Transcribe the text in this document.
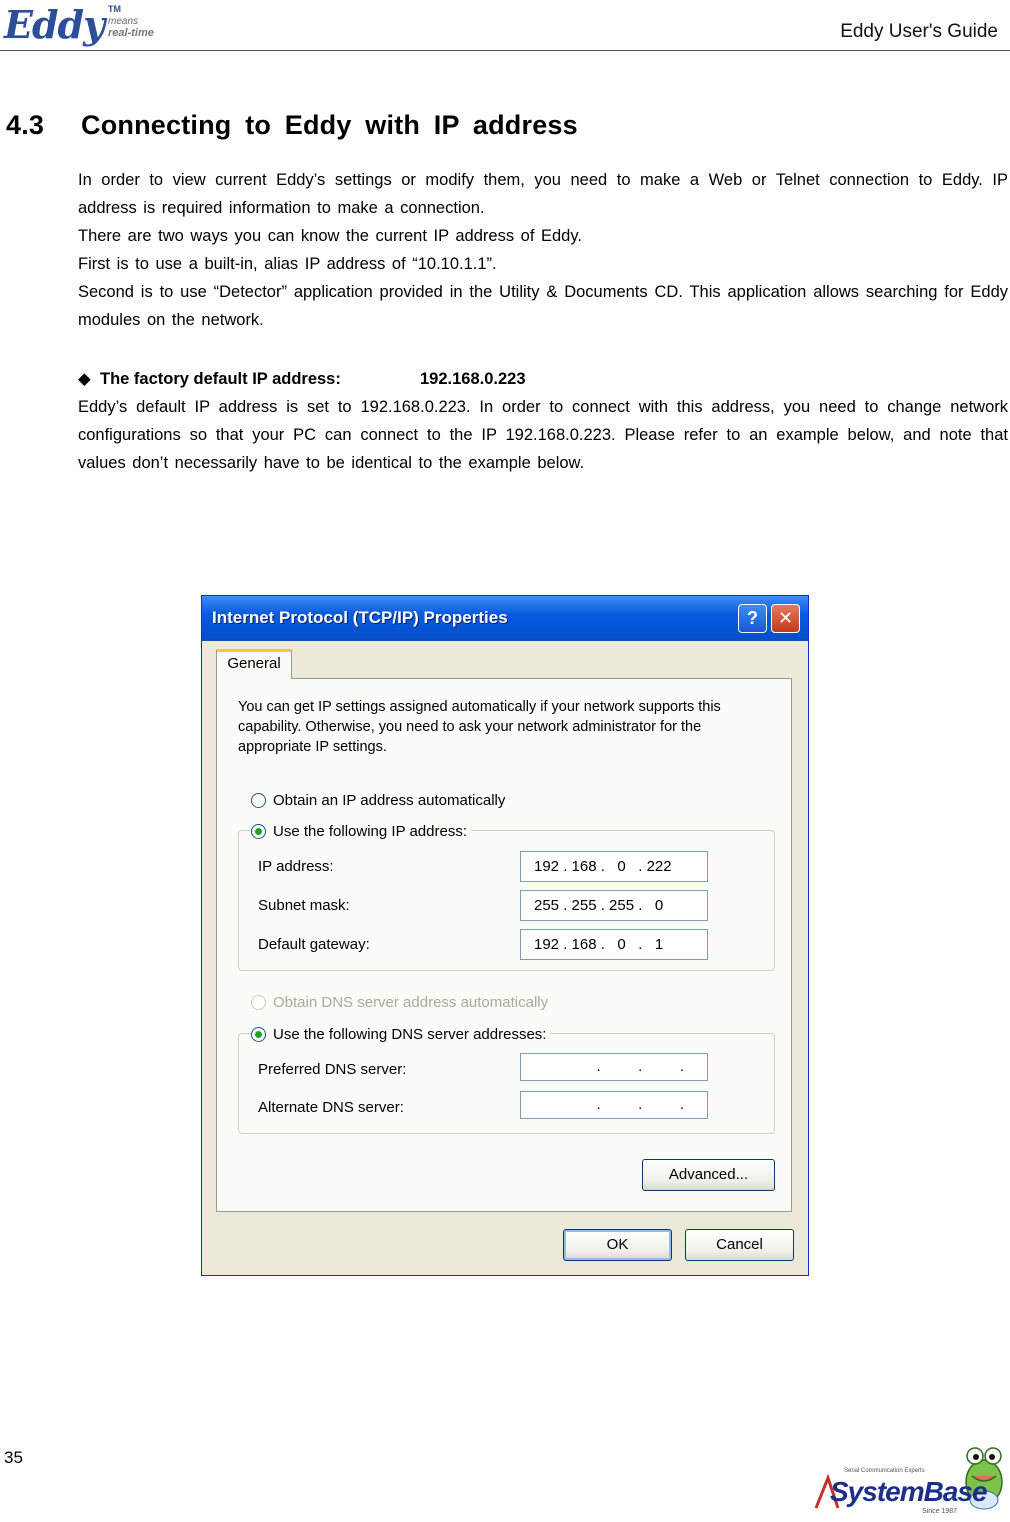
Eddy TM
means
real-time	Eddy User's Guide
4.3 Connecting to Eddy with IP address

In order to view current Eddy’s settings or modify them, you need to make a Web or Telnet connection to Eddy. IP address is required information to make a connection.

There are two ways you can know the current IP address of Eddy.

First is to use a built-in, alias IP address of “10.10.1.1”.

Second is to use “Detector” application provided in the Utility & Documents CD. This application allows searching for Eddy modules on the network.

◆ The factory default IP address:	192.168.0.223

Eddy’s default IP address is set to 192.168.0.223. In order to connect with this address, you need to change network configurations so that your PC can connect to the IP 192.168.0.223. Please refer to an example below, and note that values don’t necessarily have to be identical to the example below.

Internet Protocol (TCP/IP) Properties	?	✕
General

You can get IP settings assigned automatically if your network supports this capability. Otherwise, you need to ask your network administrator for the appropriate IP settings.

Obtain an IP address automatically
Use the following IP address:
IP address:	192 . 168 .   0   . 222
Subnet mask:	255 . 255 . 255 .   0
Default gateway:	192 . 168 .   0   .   1
Obtain DNS server address automatically
Use the following DNS server addresses:
Preferred DNS server:	.         .         .
Alternate DNS server:	.         .         .
Advanced...
OK	Cancel
35
Serial Communication Experts
SystemBase
Since 1987
